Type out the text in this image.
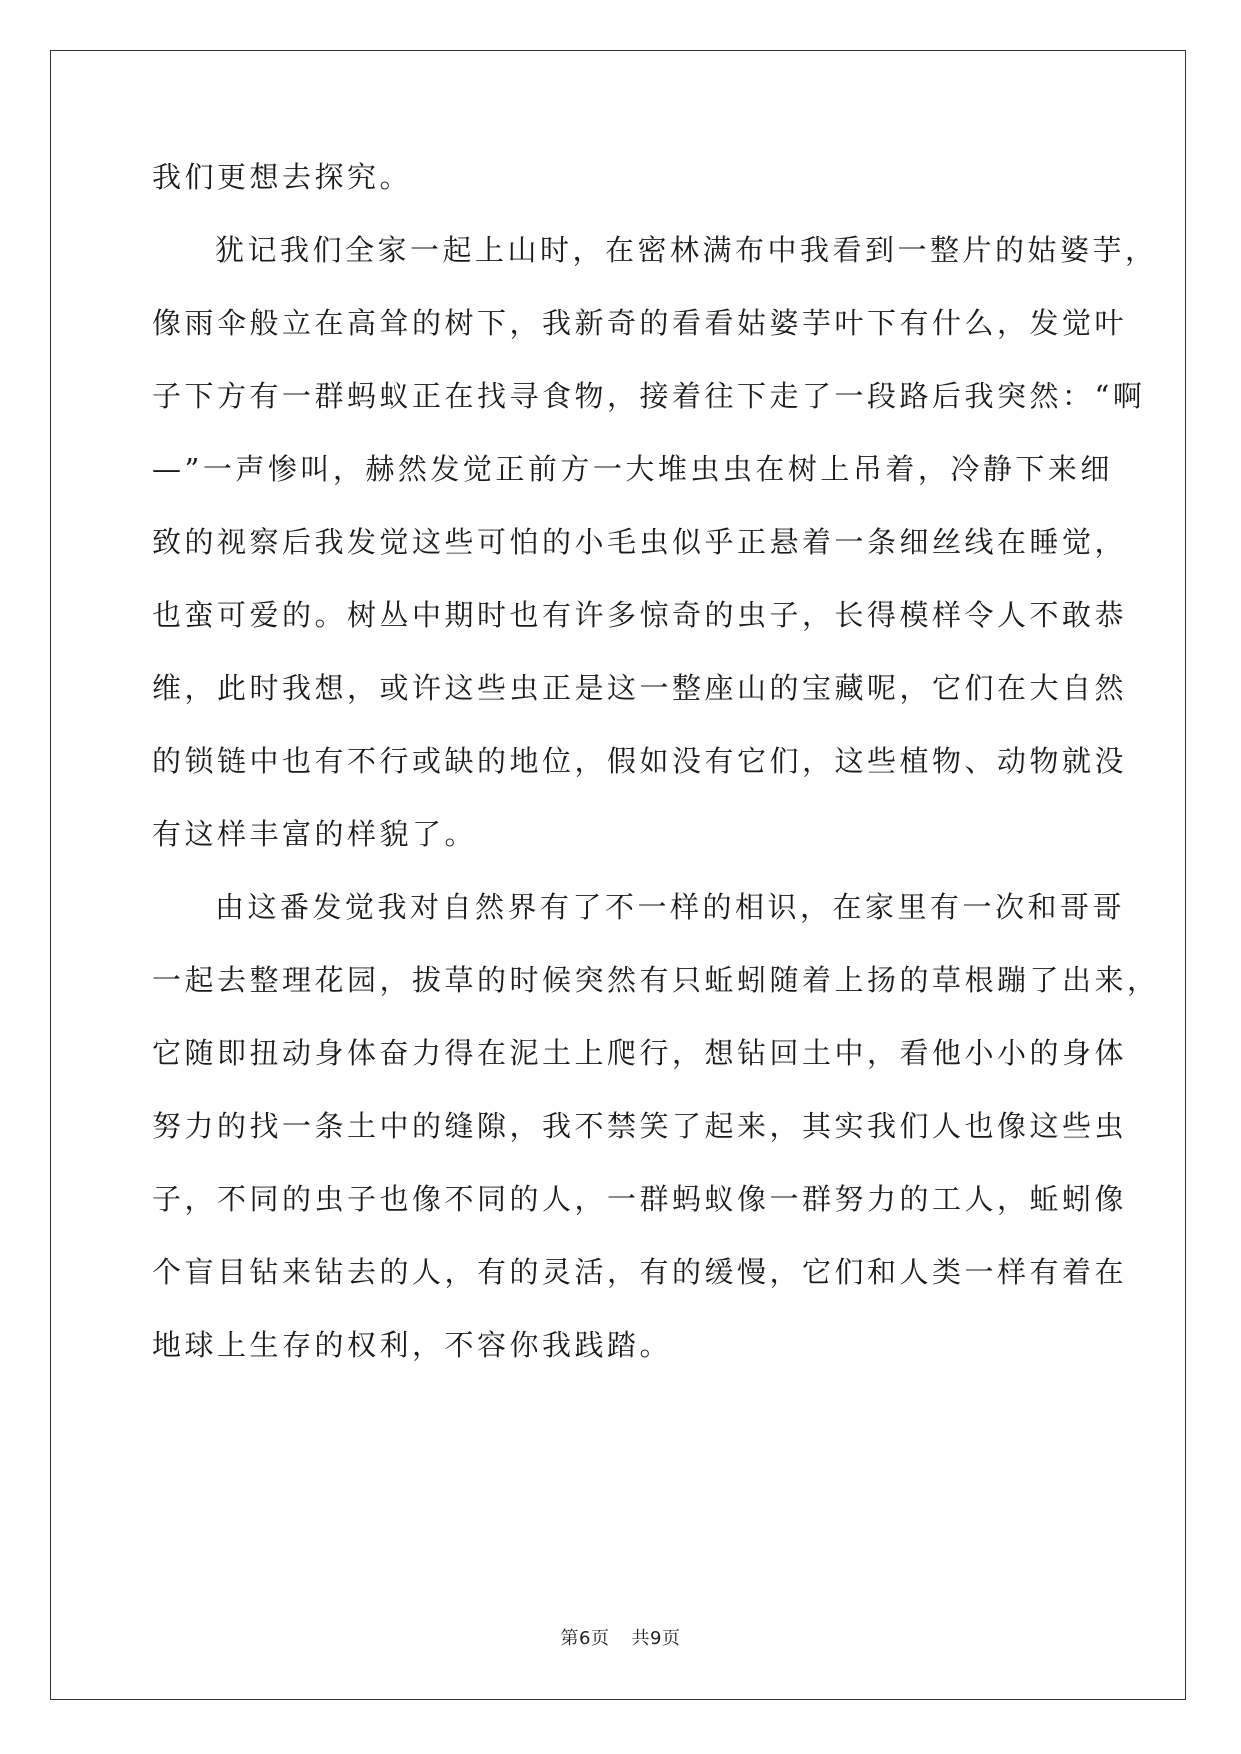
我们更想去探究。
犹记我们全家一起上山时，在密林满布中我看到一整片的姑婆芋，
像雨伞般立在高耸的树下，我新奇的看看姑婆芋叶下有什么，发觉叶
子下方有一群蚂蚁正在找寻食物，接着往下走了一段路后我突然：“啊
—”一声惨叫，赫然发觉正前方一大堆虫虫在树上吊着，冷静下来细
致的视察后我发觉这些可怕的小毛虫似乎正悬着一条细丝线在睡觉，
也蛮可爱的。树丛中期时也有许多惊奇的虫子，长得模样令人不敢恭
维，此时我想，或许这些虫正是这一整座山的宝藏呢，它们在大自然
的锁链中也有不行或缺的地位，假如没有它们，这些植物、动物就没
有这样丰富的样貌了。
由这番发觉我对自然界有了不一样的相识，在家里有一次和哥哥
一起去整理花园，拔草的时候突然有只蚯蚓随着上扬的草根蹦了出来，
它随即扭动身体奋力得在泥土上爬行，想钻回土中，看他小小的身体
努力的找一条土中的缝隙，我不禁笑了起来，其实我们人也像这些虫
子，不同的虫子也像不同的人，一群蚂蚁像一群努力的工人，蚯蚓像
个盲目钻来钻去的人，有的灵活，有的缓慢，它们和人类一样有着在
地球上生存的权利，不容你我践踏。
第6页 共9页
